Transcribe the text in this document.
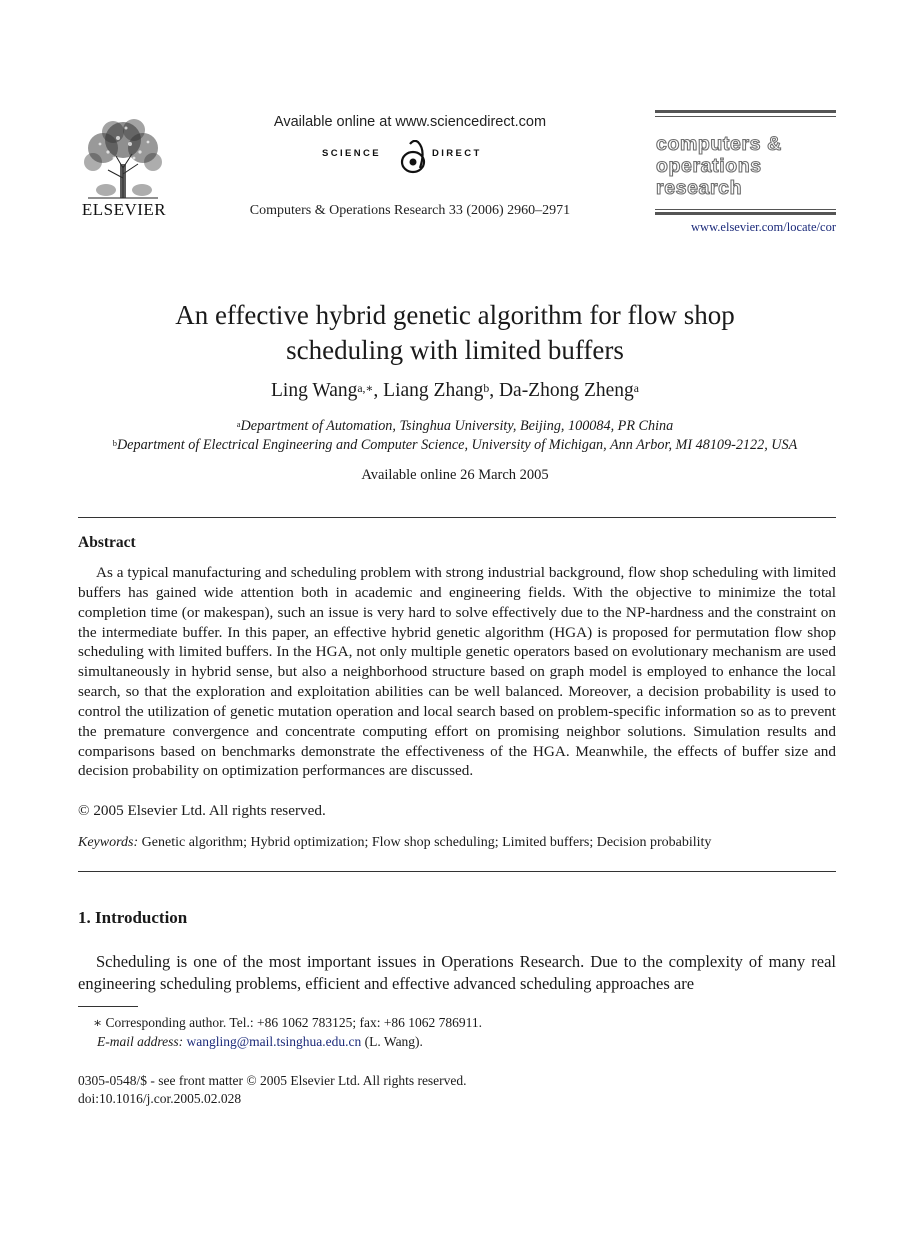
ELSEVIER
Available online at www.sciencedirect.com
SCIENCE	DIRECT
Computers & Operations Research 33 (2006) 2960–2971
computers &
operations
research
www.elsevier.com/locate/cor
An effective hybrid genetic algorithm for flow shop
scheduling with limited buffers
Ling Wang$^{a,∗}$, Liang Zhang$^b$, Da-Zhong Zheng$^a$
$^a$Department of Automation, Tsinghua University, Beijing, 100084, PR China
$^b$Department of Electrical Engineering and Computer Science, University of Michigan, Ann Arbor, MI 48109-2122, USA
Available online 26 March 2005
Abstract
As a typical manufacturing and scheduling problem with strong industrial background, flow shop scheduling with limited buffers has gained wide attention both in academic and engineering fields. With the objective to minimize the total completion time (or makespan), such an issue is very hard to solve effectively due to the NP-hardness and the constraint on the intermediate buffer. In this paper, an effective hybrid genetic algorithm (HGA) is proposed for permutation flow shop scheduling with limited buffers. In the HGA, not only multiple genetic operators based on evolutionary mechanism are used simultaneously in hybrid sense, but also a neighborhood structure based on graph model is employed to enhance the local search, so that the exploration and exploitation abilities can be well balanced. Moreover, a decision probability is used to control the utilization of genetic mutation operation and local search based on problem-specific information so as to prevent the premature convergence and concentrate computing effort on promising neighbor solutions. Simulation results and comparisons based on benchmarks demonstrate the effectiveness of the HGA. Meanwhile, the effects of buffer size and decision probability on optimization performances are discussed.
© 2005 Elsevier Ltd. All rights reserved.
Keywords: Genetic algorithm; Hybrid optimization; Flow shop scheduling; Limited buffers; Decision probability
1. Introduction
Scheduling is one of the most important issues in Operations Research. Due to the complexity of many real engineering scheduling problems, efficient and effective advanced scheduling approaches are
∗ Corresponding author. Tel.: +86 1062 783125; fax: +86 1062 786911.
E-mail address: wangling@mail.tsinghua.edu.cn (L. Wang).
0305-0548/$ - see front matter © 2005 Elsevier Ltd. All rights reserved.
doi:10.1016/j.cor.2005.02.028
